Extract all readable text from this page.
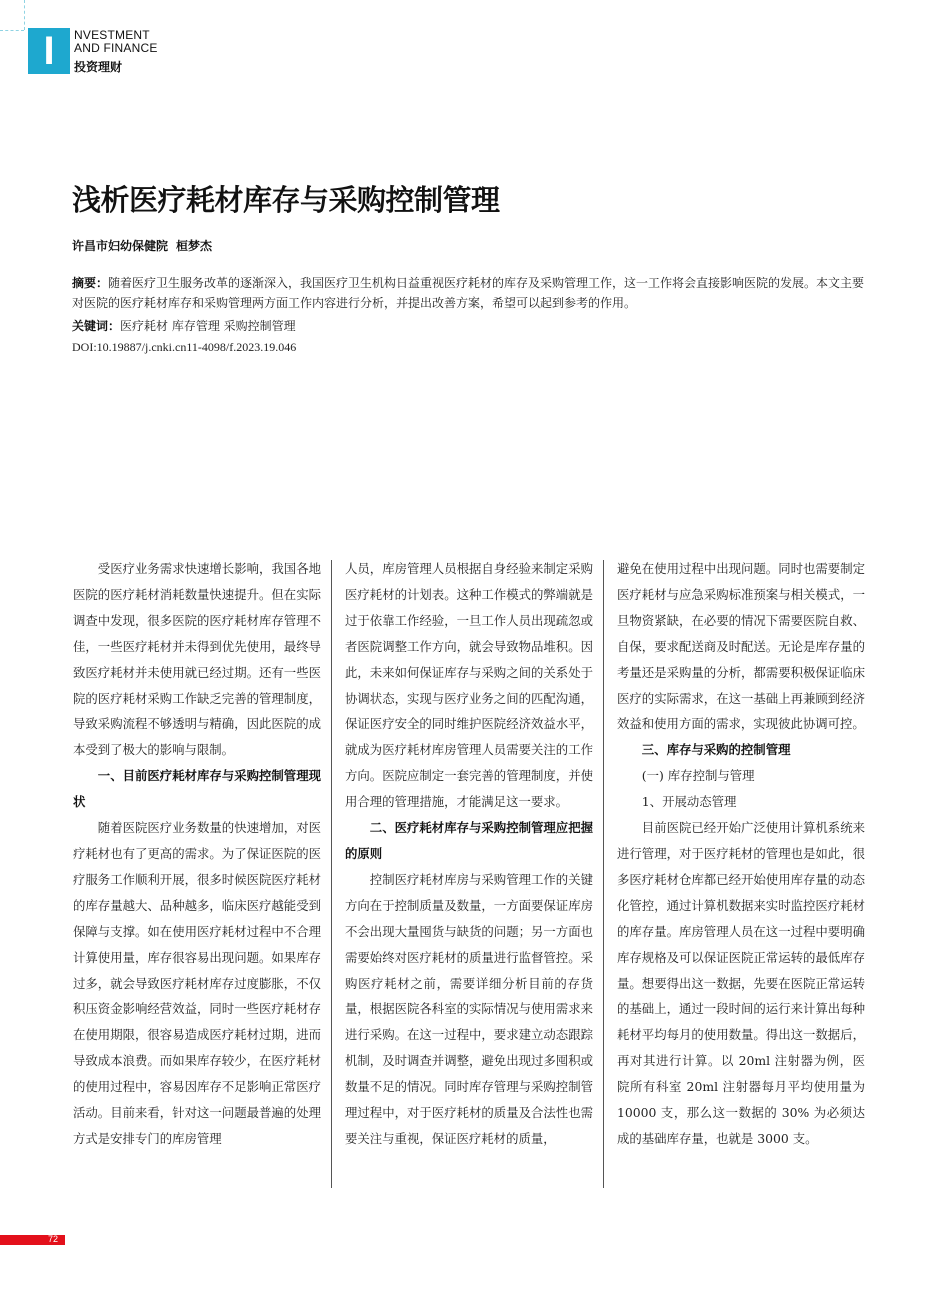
I	NVESTMENT
AND FINANCE
投资理财
浅析医疗耗材库存与采购控制管理
许昌市妇幼保健院 桓梦杰
摘要：随着医疗卫生服务改革的逐渐深入，我国医疗卫生机构日益重视医疗耗材的库存及采购管理工作，这一工作将会直接影响医院的发展。本文主要对医院的医疗耗材库存和采购管理两方面工作内容进行分析，并提出改善方案，希望可以起到参考的作用。
关键词：医疗耗材 库存管理 采购控制管理
DOI:10.19887/j.cnki.cn11-4098/f.2023.19.046

受医疗业务需求快速增长影响，我国各地医院的医疗耗材消耗数量快速提升。但在实际调查中发现，很多医院的医疗耗材库存管理不佳，一些医疗耗材并未得到优先使用，最终导致医疗耗材并未使用就已经过期。还有一些医院的医疗耗材采购工作缺乏完善的管理制度，导致采购流程不够透明与精确，因此医院的成本受到了极大的影响与限制。

一、目前医疗耗材库存与采购控制管理现状

随着医院医疗业务数量的快速增加，对医疗耗材也有了更高的需求。为了保证医院的医疗服务工作顺利开展，很多时候医院医疗耗材的库存量越大、品种越多，临床医疗越能受到保障与支撑。如在使用医疗耗材过程中不合理计算使用量，库存很容易出现问题。如果库存过多，就会导致医疗耗材库存过度膨胀，不仅积压资金影响经营效益，同时一些医疗耗材存在使用期限，很容易造成医疗耗材过期，进而导致成本浪费。而如果库存较少，在医疗耗材的使用过程中，容易因库存不足影响正常医疗活动。目前来看，针对这一问题最普遍的处理方式是安排专门的库房管理

人员，库房管理人员根据自身经验来制定采购医疗耗材的计划表。这种工作模式的弊端就是过于依靠工作经验，一旦工作人员出现疏忽或者医院调整工作方向，就会导致物品堆积。因此，未来如何保证库存与采购之间的关系处于协调状态，实现与医疗业务之间的匹配沟通，保证医疗安全的同时维护医院经济效益水平，就成为医疗耗材库房管理人员需要关注的工作方向。医院应制定一套完善的管理制度，并使用合理的管理措施，才能满足这一要求。

二、医疗耗材库存与采购控制管理应把握的原则

控制医疗耗材库房与采购管理工作的关键方向在于控制质量及数量，一方面要保证库房不会出现大量囤货与缺货的问题；另一方面也需要始终对医疗耗材的质量进行监督管控。采购医疗耗材之前，需要详细分析目前的存货量，根据医院各科室的实际情况与使用需求来进行采购。在这一过程中，要求建立动态跟踪机制，及时调查并调整，避免出现过多囤积或数量不足的情况。同时库存管理与采购控制管理过程中，对于医疗耗材的质量及合法性也需要关注与重视，保证医疗耗材的质量，

避免在使用过程中出现问题。同时也需要制定医疗耗材与应急采购标准预案与相关模式，一旦物资紧缺，在必要的情况下需要医院自救、自保，要求配送商及时配送。无论是库存量的考量还是采购量的分析，都需要积极保证临床医疗的实际需求，在这一基础上再兼顾到经济效益和使用方面的需求，实现彼此协调可控。

三、库存与采购的控制管理
(一) 库存控制与管理
1、开展动态管理

目前医院已经开始广泛使用计算机系统来进行管理，对于医疗耗材的管理也是如此，很多医疗耗材仓库都已经开始使用库存量的动态化管控，通过计算机数据来实时监控医疗耗材的库存量。库房管理人员在这一过程中要明确库存规格及可以保证医院正常运转的最低库存量。想要得出这一数据，先要在医院正常运转的基础上，通过一段时间的运行来计算出每种耗材平均每月的使用数量。得出这一数据后，再对其进行计算。以 20ml 注射器为例，医院所有科室 20ml 注射器每月平均使用量为 10000 支，那么这一数据的 30% 为必须达成的基础库存量，也就是 3000 支。

72
